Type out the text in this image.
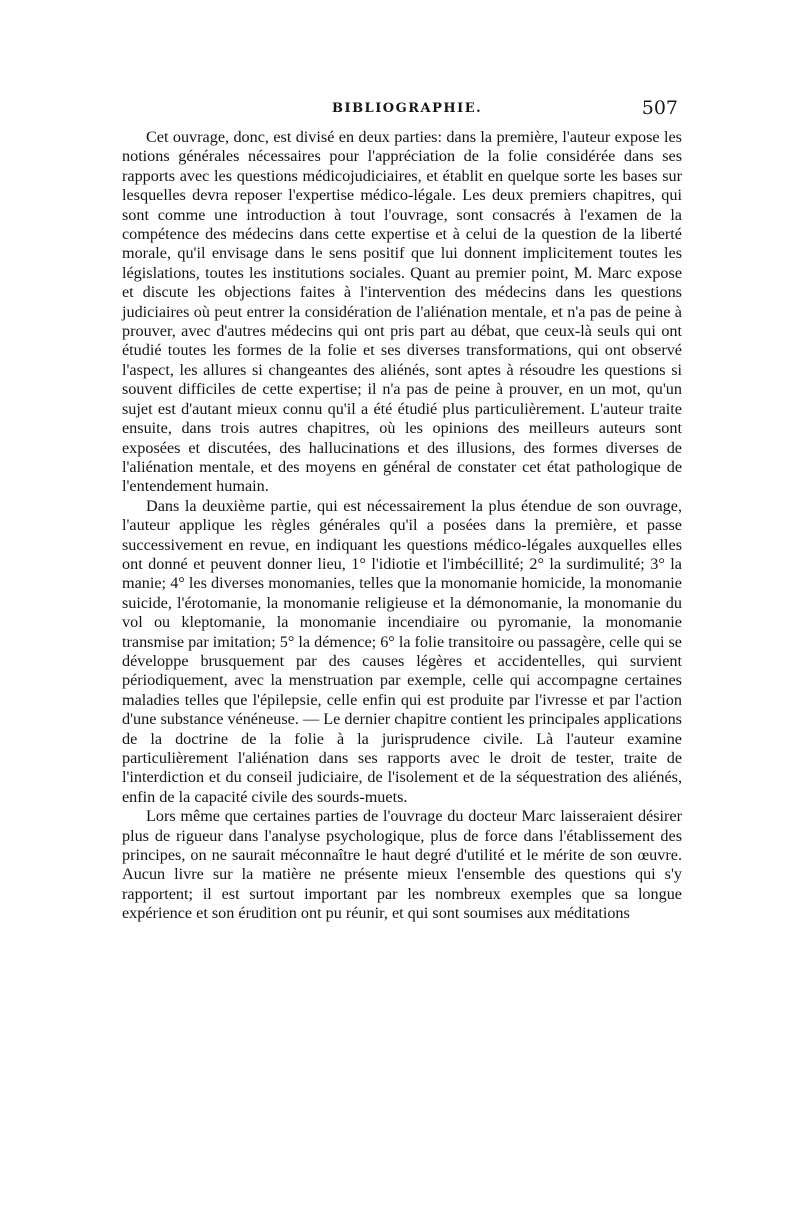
BIBLIOGRAPHIE.	507

Cet ouvrage, donc, est divisé en deux parties: dans la première, l'auteur expose les notions générales nécessaires pour l'appréciation de la folie considérée dans ses rapports avec les questions médicojudiciaires, et établit en quelque sorte les bases sur lesquelles devra reposer l'expertise médico-légale. Les deux premiers chapitres, qui sont comme une introduction à tout l'ouvrage, sont consacrés à l'examen de la compétence des médecins dans cette expertise et à celui de la question de la liberté morale, qu'il envisage dans le sens positif que lui donnent implicitement toutes les législations, toutes les institutions sociales. Quant au premier point, M. Marc expose et discute les objections faites à l'intervention des médecins dans les questions judiciaires où peut entrer la considération de l'aliénation mentale, et n'a pas de peine à prouver, avec d'autres médecins qui ont pris part au débat, que ceux-là seuls qui ont étudié toutes les formes de la folie et ses diverses transformations, qui ont observé l'aspect, les allures si changeantes des aliénés, sont aptes à résoudre les questions si souvent difficiles de cette expertise; il n'a pas de peine à prouver, en un mot, qu'un sujet est d'autant mieux connu qu'il a été étudié plus particulièrement. L'auteur traite ensuite, dans trois autres chapitres, où les opinions des meilleurs auteurs sont exposées et discutées, des hallucinations et des illusions, des formes diverses de l'aliénation mentale, et des moyens en général de constater cet état pathologique de l'entendement humain.

Dans la deuxième partie, qui est nécessairement la plus étendue de son ouvrage, l'auteur applique les règles générales qu'il a posées dans la première, et passe successivement en revue, en indiquant les questions médico-légales auxquelles elles ont donné et peuvent donner lieu, 1° l'idiotie et l'imbécillité; 2° la surdimulité; 3° la manie; 4° les diverses monomanies, telles que la monomanie homicide, la monomanie suicide, l'érotomanie, la monomanie religieuse et la démonomanie, la monomanie du vol ou kleptomanie, la monomanie incendiaire ou pyromanie, la monomanie transmise par imitation; 5° la démence; 6° la folie transitoire ou passagère, celle qui se développe brusquement par des causes légères et accidentelles, qui survient périodiquement, avec la menstruation par exemple, celle qui accompagne certaines maladies telles que l'épilepsie, celle enfin qui est produite par l'ivresse et par l'action d'une substance vénéneuse. — Le dernier chapitre contient les principales applications de la doctrine de la folie à la jurisprudence civile. Là l'auteur examine particulièrement l'aliénation dans ses rapports avec le droit de tester, traite de l'interdiction et du conseil judiciaire, de l'isolement et de la séquestration des aliénés, enfin de la capacité civile des sourds-muets.

Lors même que certaines parties de l'ouvrage du docteur Marc laisseraient désirer plus de rigueur dans l'analyse psychologique, plus de force dans l'établissement des principes, on ne saurait méconnaître le haut degré d'utilité et le mérite de son œuvre. Aucun livre sur la matière ne présente mieux l'ensemble des questions qui s'y rapportent; il est surtout important par les nombreux exemples que sa longue expérience et son érudition ont pu réunir, et qui sont soumises aux méditations
